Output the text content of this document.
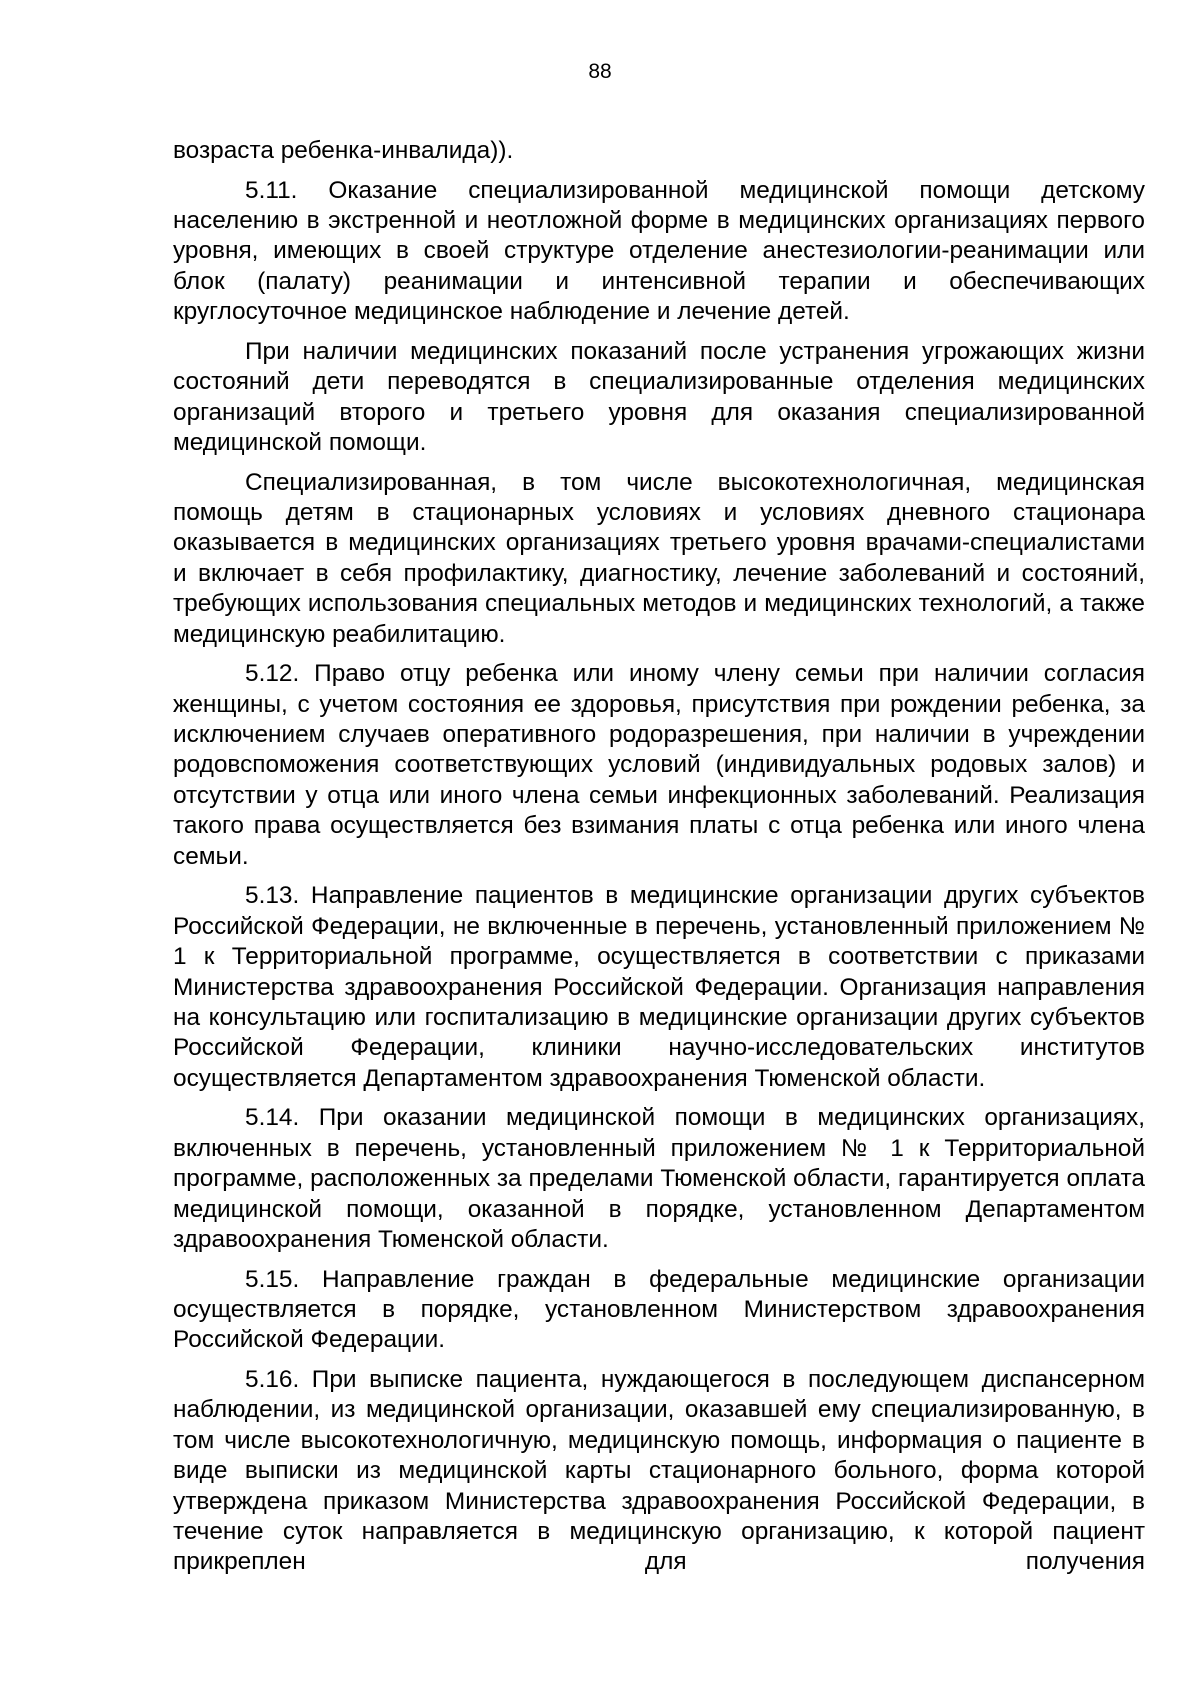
88

возраста ребенка-инвалида)).

5.11. Оказание специализированной медицинской помощи детскому населению в экстренной и неотложной форме в медицинских организациях первого уровня, имеющих в своей структуре отделение анестезиологии-реанимации или блок (палату) реанимации и интенсивной терапии и обеспечивающих круглосуточное медицинское наблюдение и лечение детей.

При наличии медицинских показаний после устранения угрожающих жизни состояний дети переводятся в специализированные отделения медицинских организаций второго и третьего уровня для оказания специализированной медицинской помощи.

Специализированная, в том числе высокотехнологичная, медицинская помощь детям в стационарных условиях и условиях дневного стационара оказывается в медицинских организациях третьего уровня врачами-специалистами и включает в себя профилактику, диагностику, лечение заболеваний и состояний, требующих использования специальных методов и медицинских технологий, а также медицинскую реабилитацию.

5.12. Право отцу ребенка или иному члену семьи при наличии согласия женщины, с учетом состояния ее здоровья, присутствия при рождении ребенка, за исключением случаев оперативного родоразрешения, при наличии в учреждении родовспоможения соответствующих условий (индивидуальных родовых залов) и отсутствии у отца или иного члена семьи инфекционных заболеваний. Реализация такого права осуществляется без взимания платы с отца ребенка или иного члена семьи.

5.13. Направление пациентов в медицинские организации других субъектов Российской Федерации, не включенные в перечень, установленный приложением № 1 к Территориальной программе, осуществляется в соответствии с приказами Министерства здравоохранения Российской Федерации. Организация направления на консультацию или госпитализацию в медицинские организации других субъектов Российской Федерации, клиники научно-исследовательских институтов осуществляется Департаментом здравоохранения Тюменской области.

5.14. При оказании медицинской помощи в медицинских организациях, включенных в перечень, установленный приложением № 1 к Территориальной программе, расположенных за пределами Тюменской области, гарантируется оплата медицинской помощи, оказанной в порядке, установленном Департаментом здравоохранения Тюменской области.

5.15. Направление граждан в федеральные медицинские организации осуществляется в порядке, установленном Министерством здравоохранения Российской Федерации.

5.16. При выписке пациента, нуждающегося в последующем диспансерном наблюдении, из медицинской организации, оказавшей ему специализированную, в том числе высокотехнологичную, медицинскую помощь, информация о пациенте в виде выписки из медицинской карты стационарного больного, форма которой утверждена приказом Министерства здравоохранения Российской Федерации, в течение суток направляется в медицинскую организацию, к которой пациент прикреплен для получения
